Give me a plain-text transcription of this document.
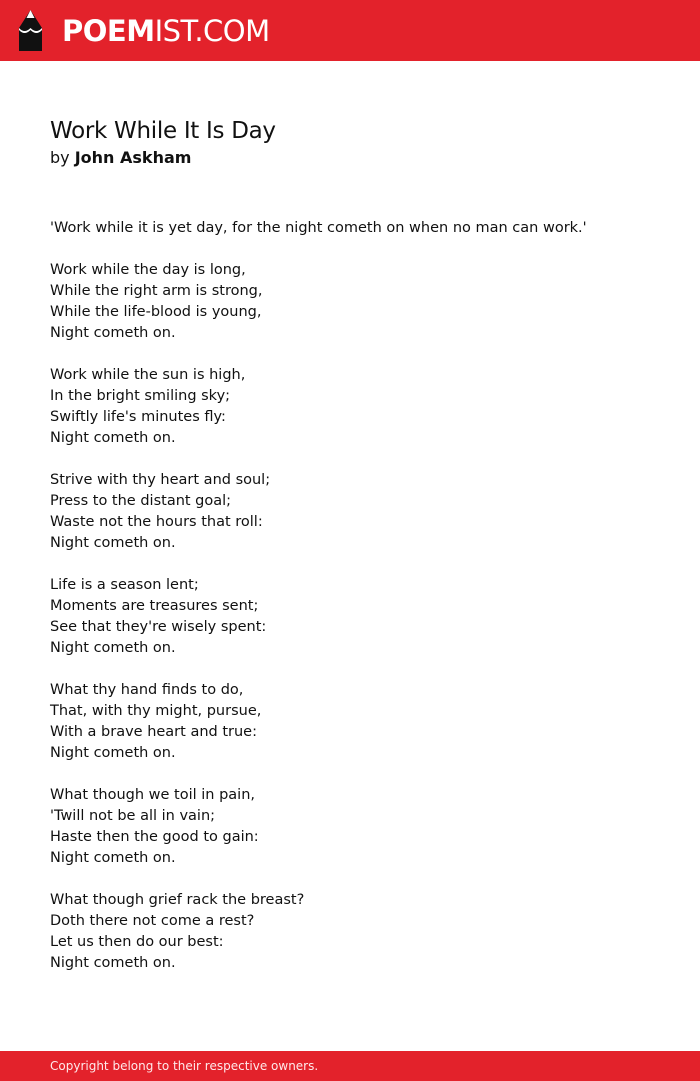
POEMIST.COM
Work While It Is Day
by John Askham
'Work while it is yet day, for the night cometh on when no man can work.'
Work while the day is long,
While the right arm is strong,
While the life-blood is young,
Night cometh on.
Work while the sun is high,
In the bright smiling sky;
Swiftly life's minutes fly:
Night cometh on.
Strive with thy heart and soul;
Press to the distant goal;
Waste not the hours that roll:
Night cometh on.
Life is a season lent;
Moments are treasures sent;
See that they're wisely spent:
Night cometh on.
What thy hand finds to do,
That, with thy might, pursue,
With a brave heart and true:
Night cometh on.
What though we toil in pain,
'Twill not be all in vain;
Haste then the good to gain:
Night cometh on.
What though grief rack the breast?
Doth there not come a rest?
Let us then do our best:
Night cometh on.
Copyright belong to their respective owners.
